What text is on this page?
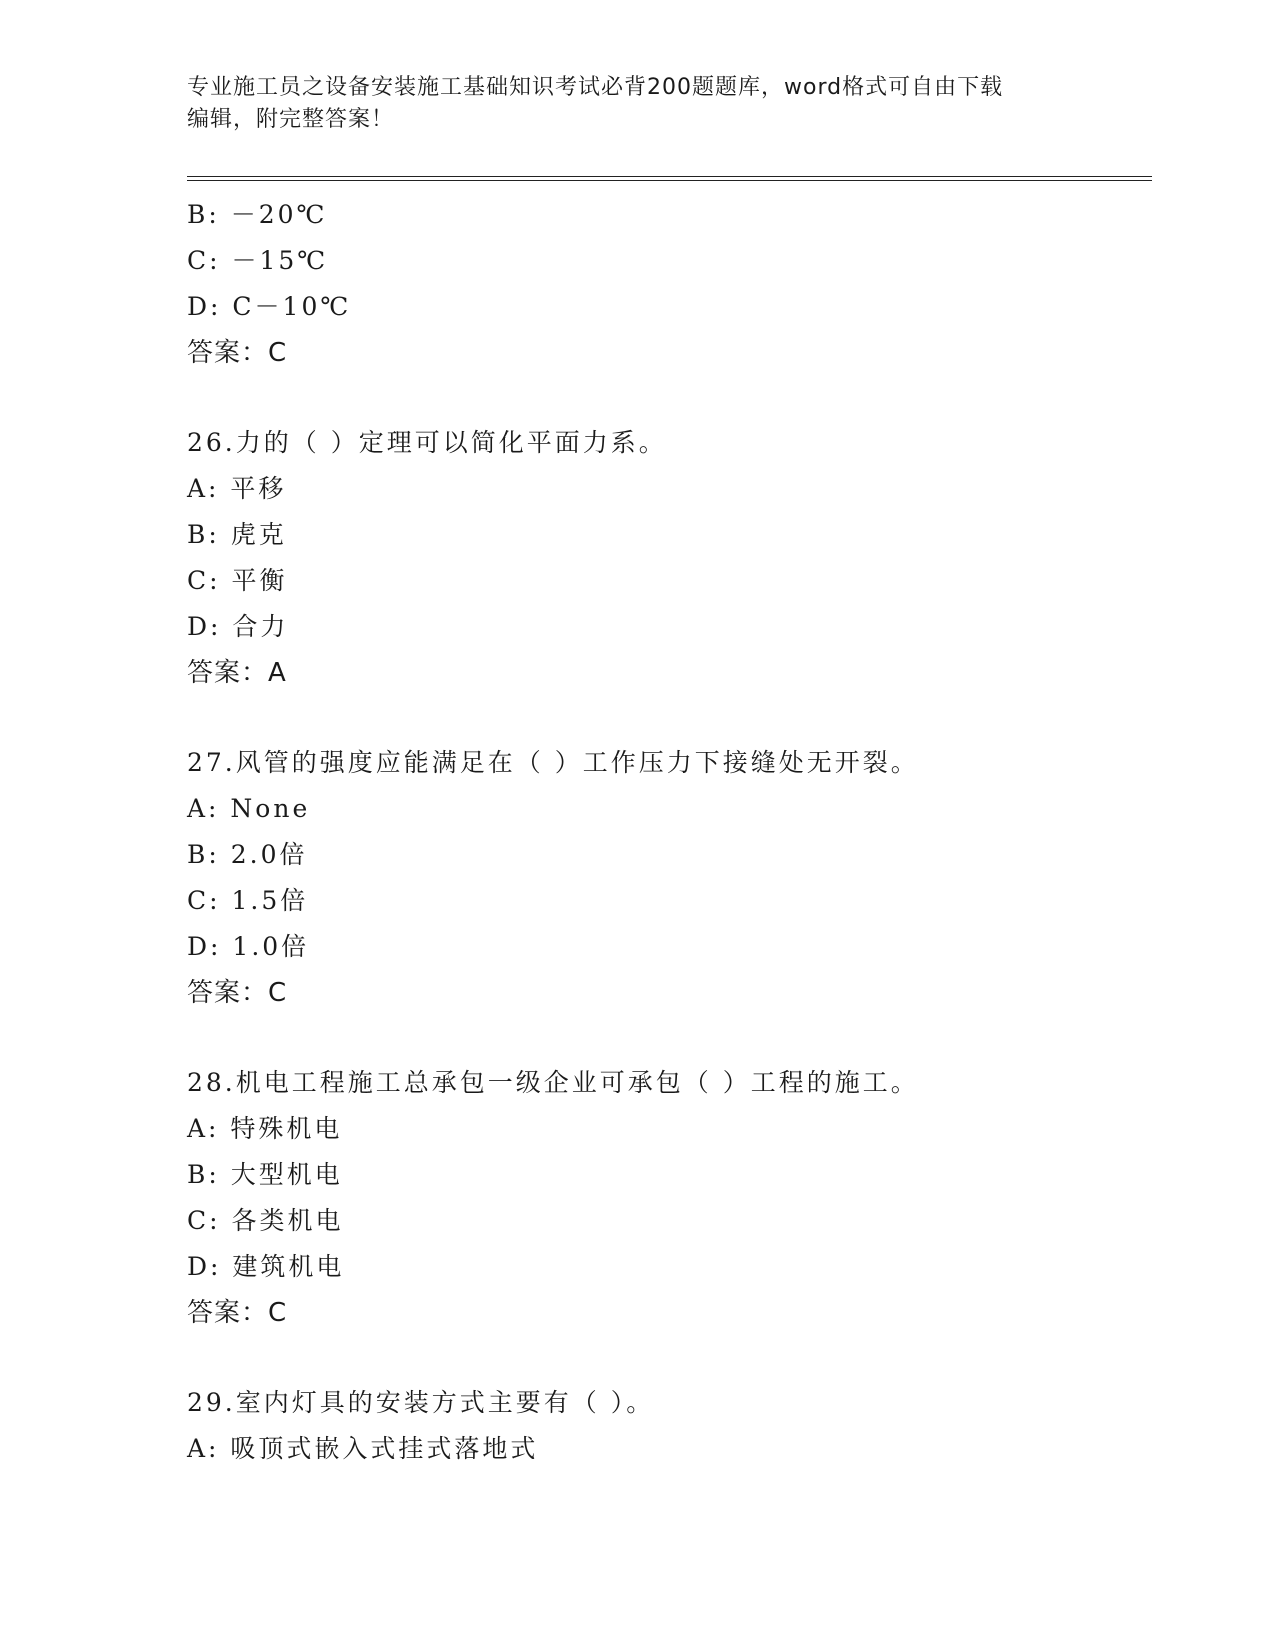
专业施工员之设备安装施工基础知识考试必背200题题库，word格式可自由下载
编辑，附完整答案！
B: －20℃
C: －15℃
D: C－10℃
答案：C
26.力的（ ）定理可以简化平面力系。
A: 平移
B: 虎克
C: 平衡
D: 合力
答案：A
27.风管的强度应能满足在（ ）工作压力下接缝处无开裂。
A: None
B: 2.0倍
C: 1.5倍
D: 1.0倍
答案：C
28.机电工程施工总承包一级企业可承包（ ）工程的施工。
A: 特殊机电
B: 大型机电
C: 各类机电
D: 建筑机电
答案：C
29.室内灯具的安装方式主要有（ ）。
A: 吸顶式嵌入式挂式落地式
